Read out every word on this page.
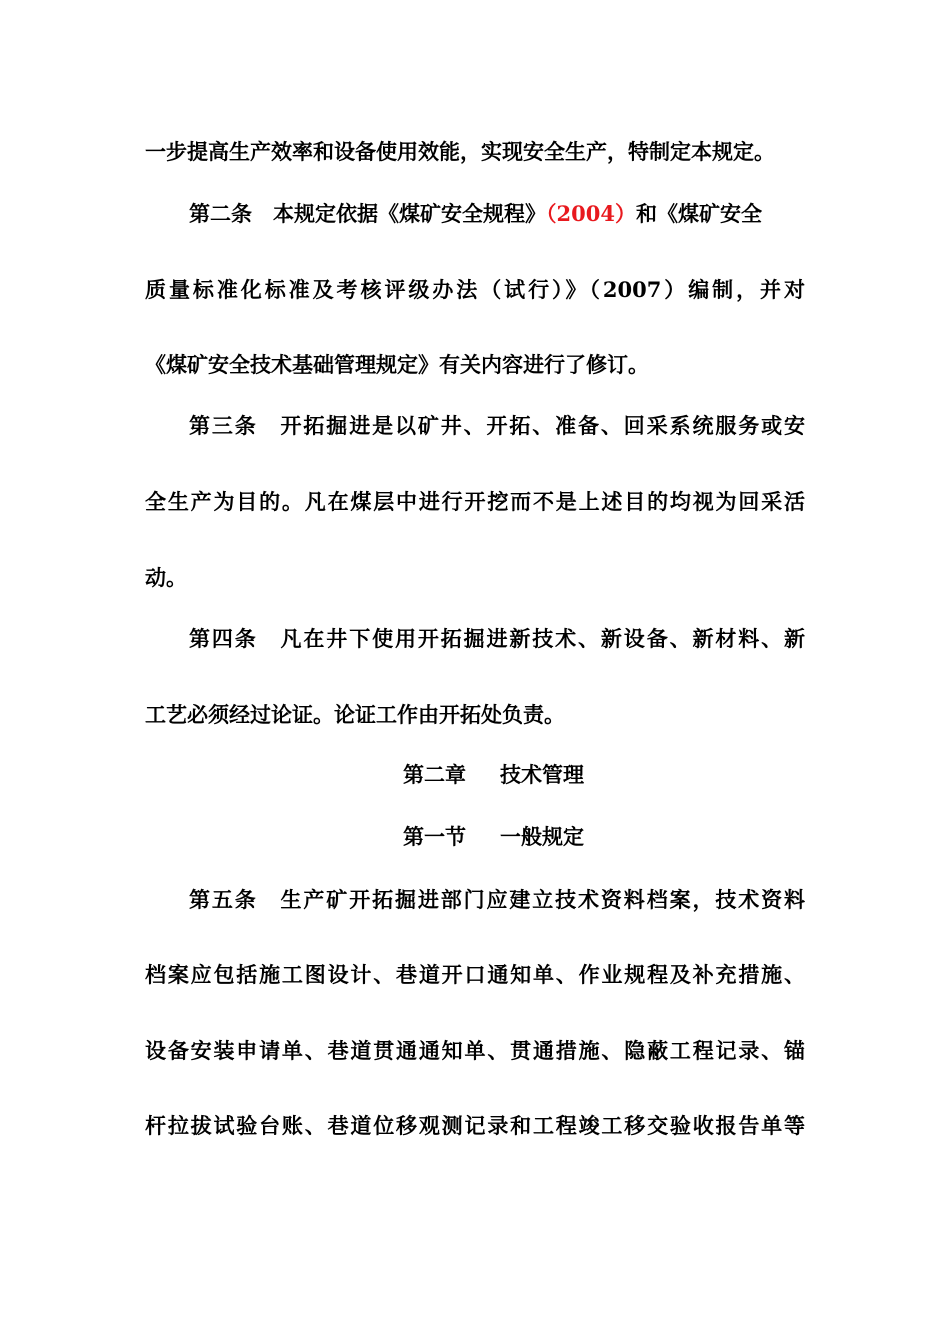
一步提高生产效率和设备使用效能，实现安全生产，特制定本规定。
第二条　本规定依据《煤矿安全规程》（2004）和《煤矿安全
质量标准化标准及考核评级办法（试行）》（2007）编制，并对
《煤矿安全技术基础管理规定》有关内容进行了修订。
第三条　开拓掘进是以矿井、开拓、准备、回采系统服务或安
全生产为目的。凡在煤层中进行开挖而不是上述目的均视为回采活
动。
第四条　凡在井下使用开拓掘进新技术、新设备、新材料、新
工艺必须经过论证。论证工作由开拓处负责。
第二章 技术管理
第一节 一般规定
第五条　生产矿开拓掘进部门应建立技术资料档案，技术资料
档案应包括施工图设计、巷道开口通知单、作业规程及补充措施、
设备安装申请单、巷道贯通通知单、贯通措施、隐蔽工程记录、锚
杆拉拔试验台账、巷道位移观测记录和工程竣工移交验收报告单等
